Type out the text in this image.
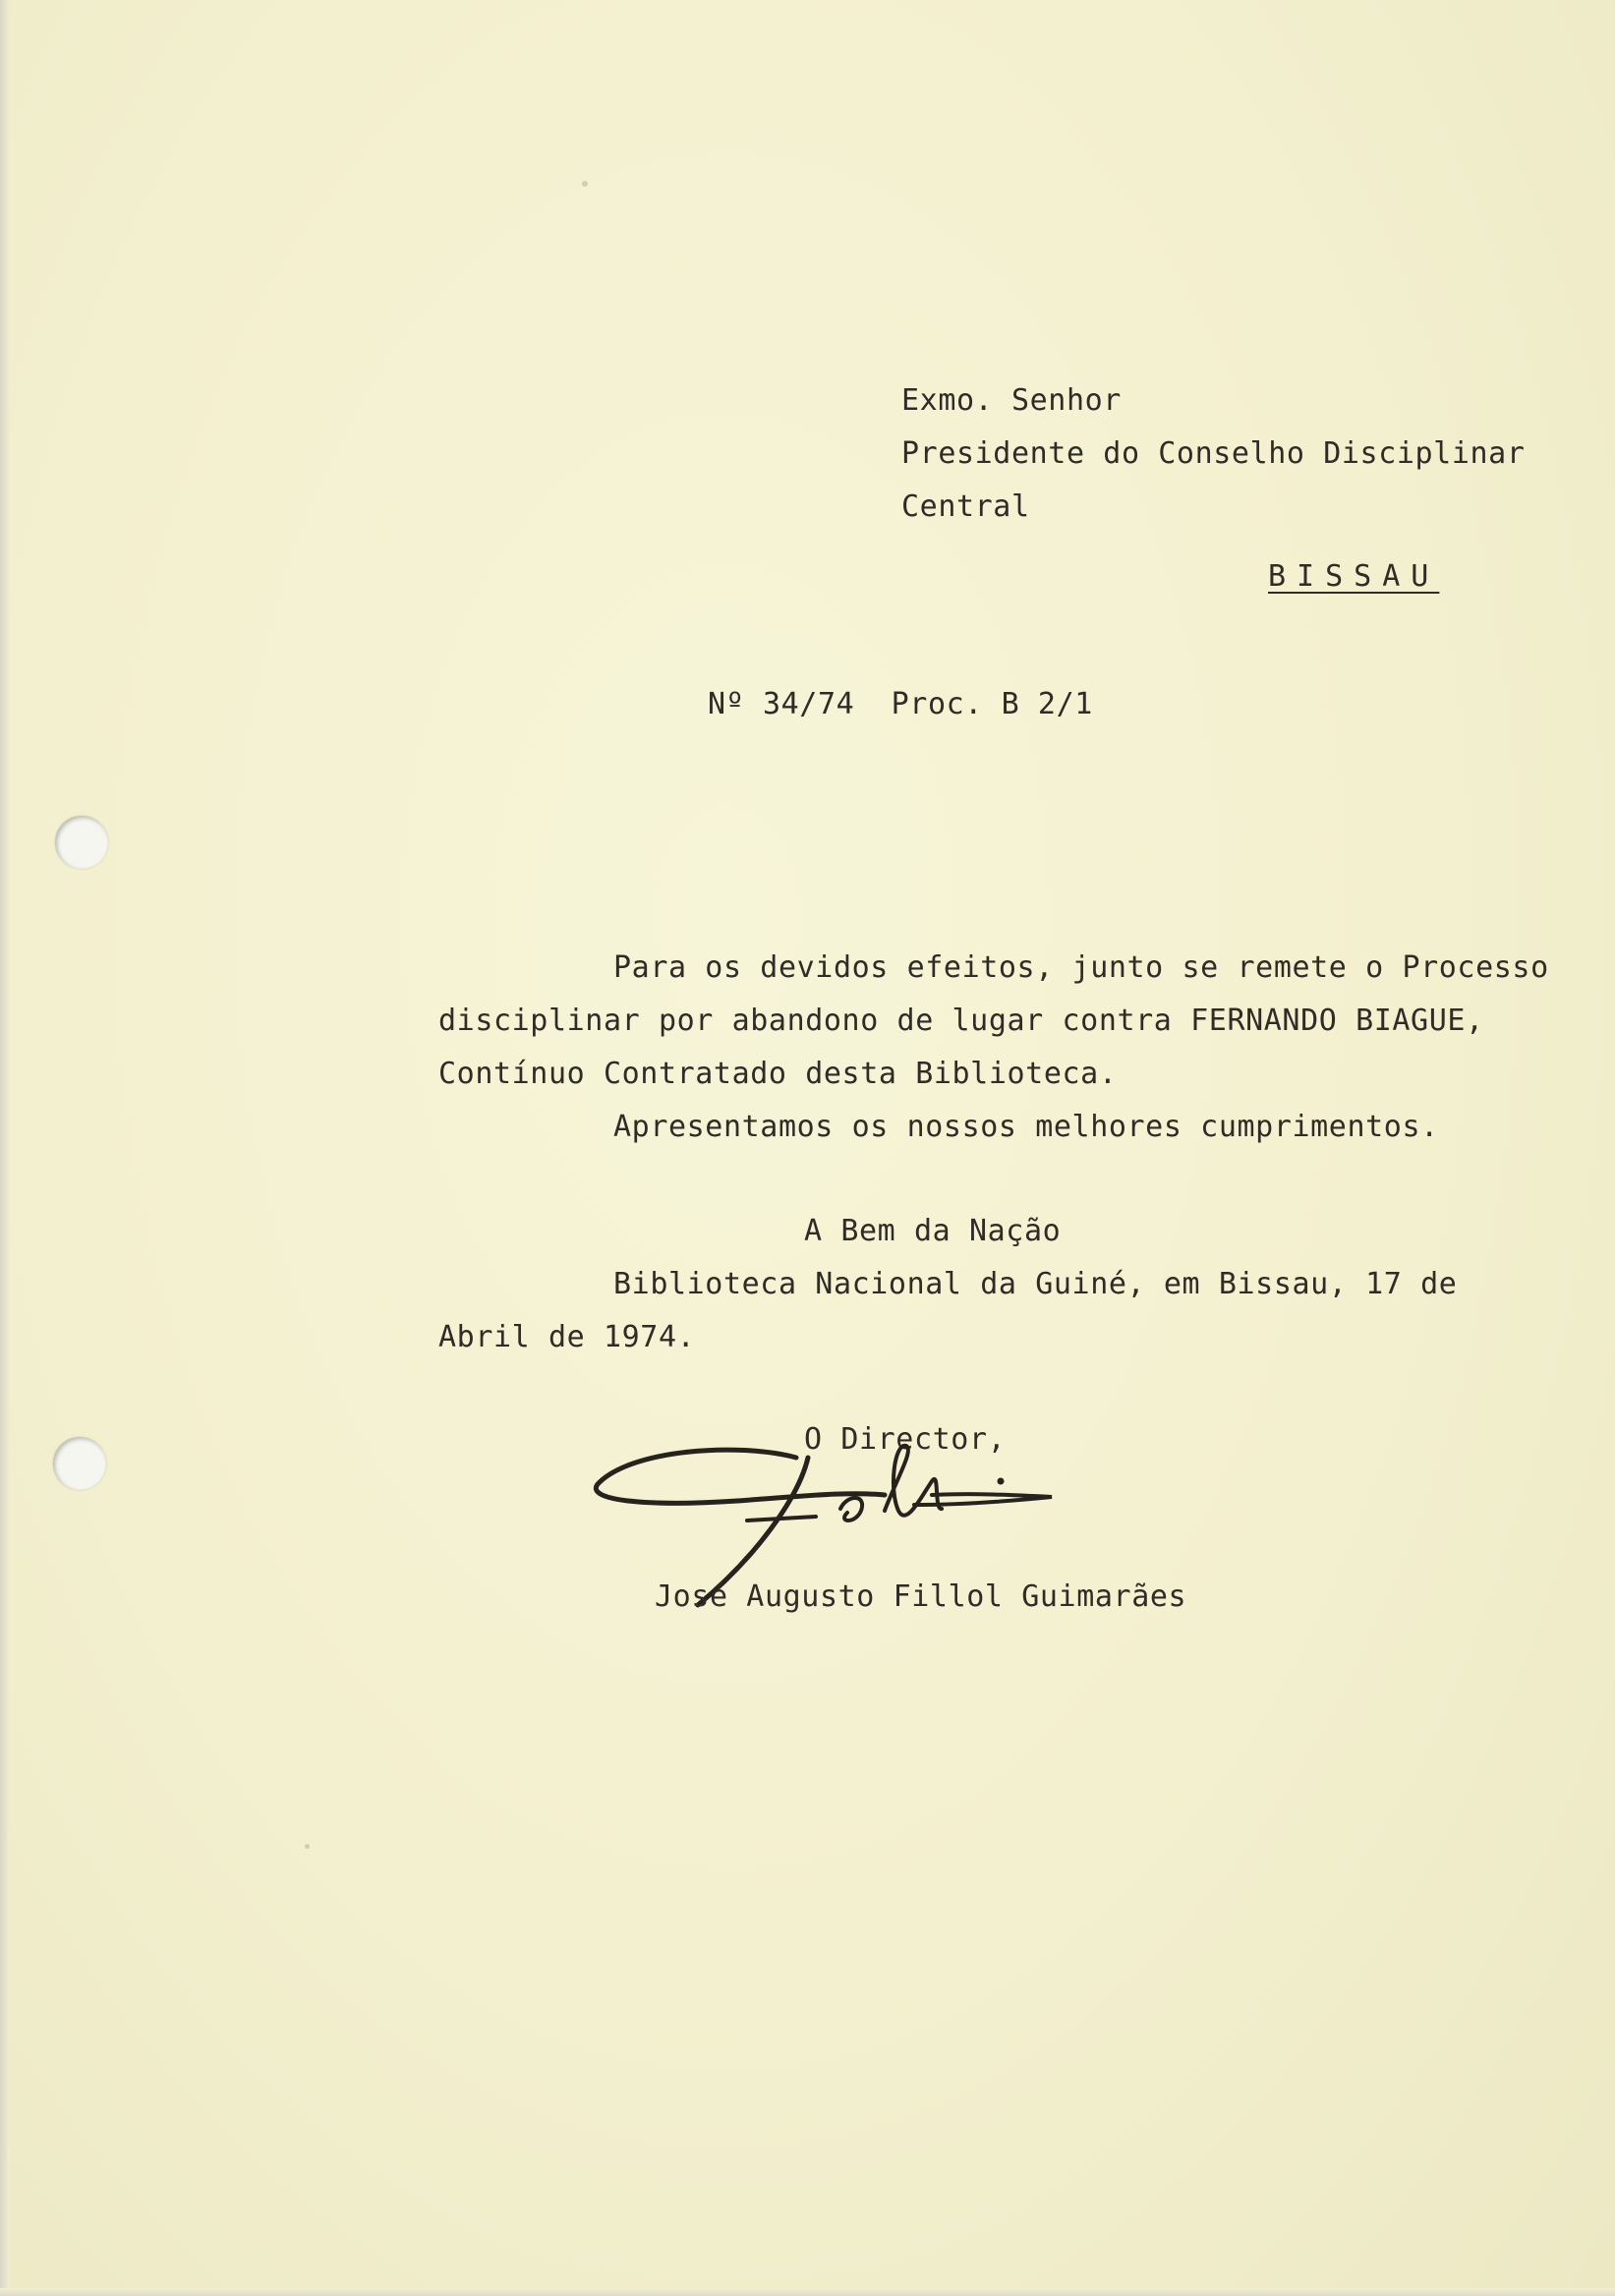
Exmo. Senhor

Presidente do Conselho Disciplinar

Central

BISSAU

Nº 34/74  Proc. B 2/1

Para os devidos efeitos, junto se remete o Processo

disciplinar por abandono de lugar contra FERNANDO BIAGUE,

Contínuo Contratado desta Biblioteca.

Apresentamos os nossos melhores cumprimentos.

A Bem da Nação

Biblioteca Nacional da Guiné, em Bissau, 17 de

Abril de 1974.

O Director,

José Augusto Fillol Guimarães
